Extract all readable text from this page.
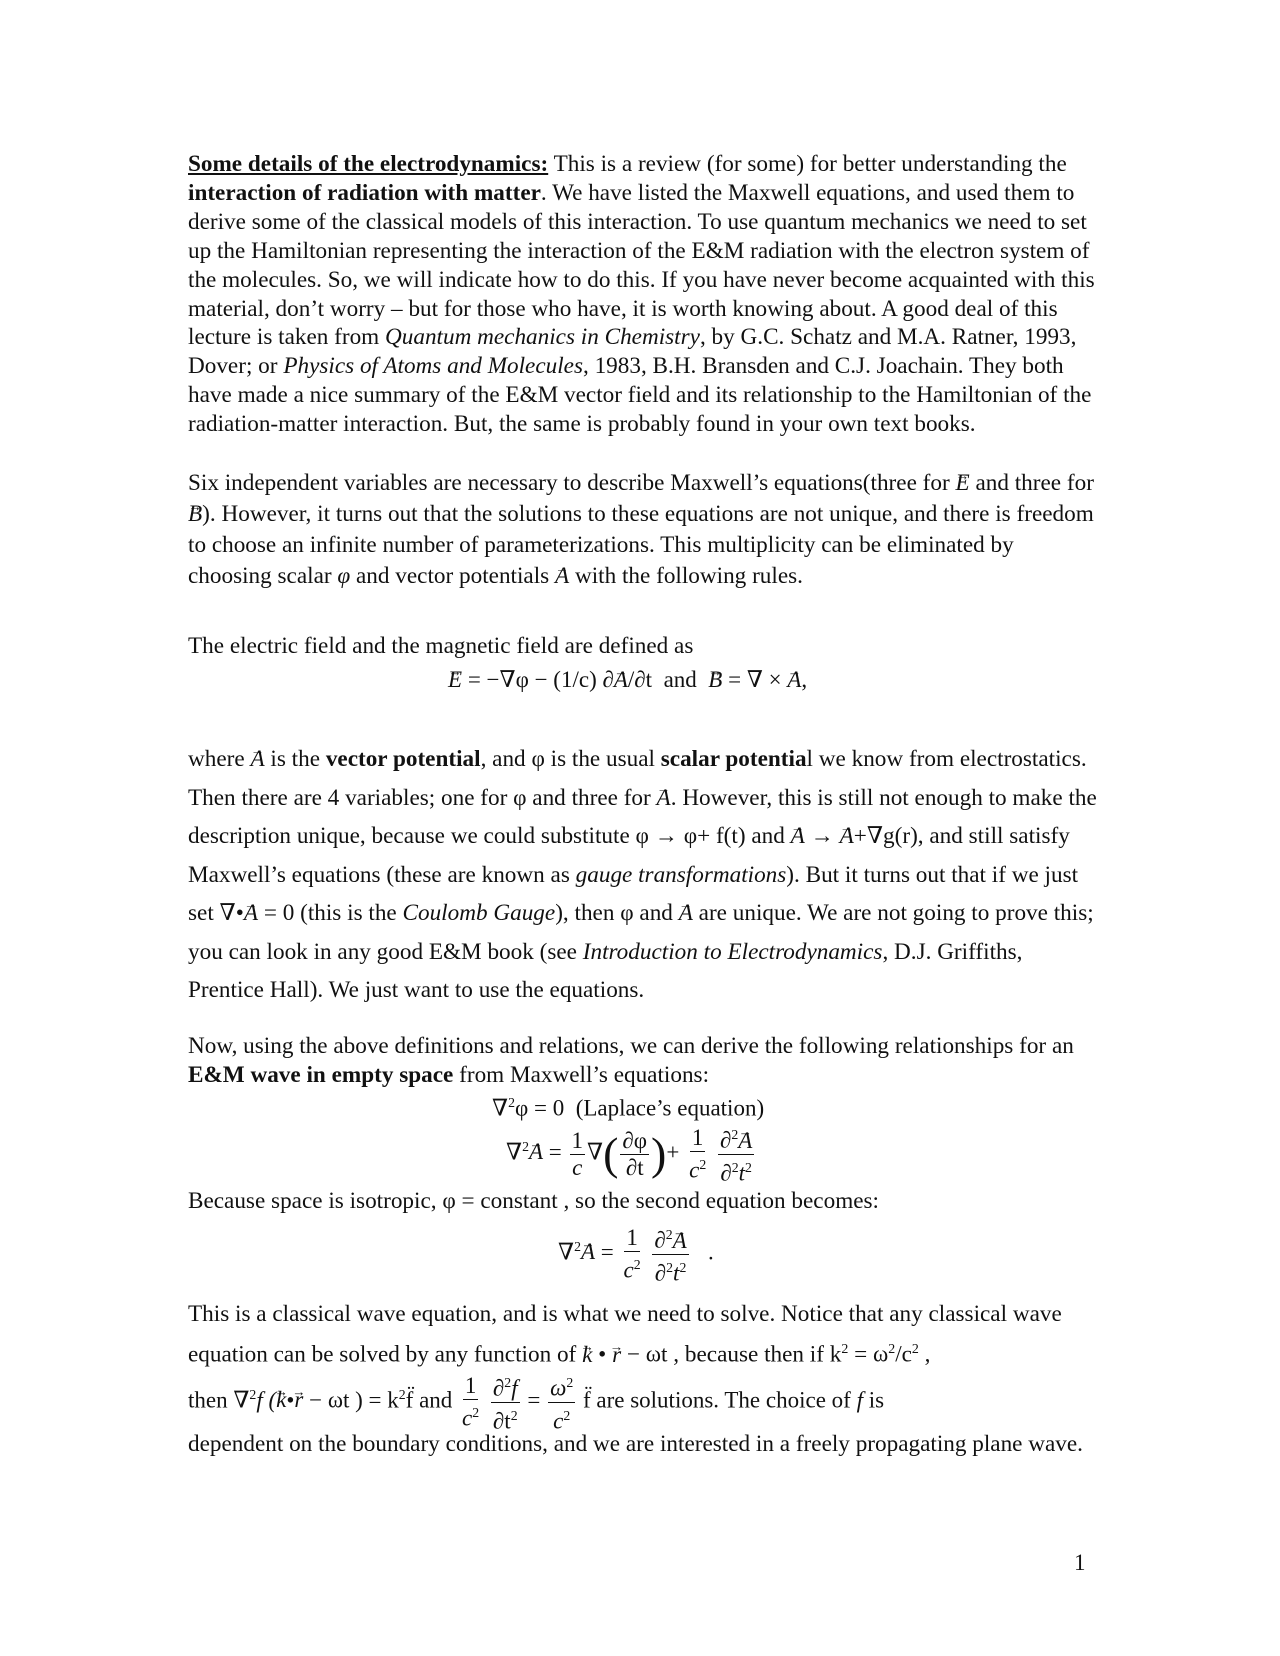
Some details of the electrodynamics: This is a review (for some) for better understanding the interaction of radiation with matter. We have listed the Maxwell equations, and used them to derive some of the classical models of this interaction. To use quantum mechanics we need to set up the Hamiltonian representing the interaction of the E&M radiation with the electron system of the molecules. So, we will indicate how to do this. If you have never become acquainted with this material, don’t worry – but for those who have, it is worth knowing about. A good deal of this lecture is taken from Quantum mechanics in Chemistry, by G.C. Schatz and M.A. Ratner, 1993, Dover; or Physics of Atoms and Molecules, 1983, B.H. Bransden and C.J. Joachain. They both have made a nice summary of the E&M vector field and its relationship to the Hamiltonian of the radiation-matter interaction. But, the same is probably found in your own text books.
Six independent variables are necessary to describe Maxwell’s equations(three for → E and three for → B). However, it turns out that the solutions to these equations are not unique, and there is freedom to choose an infinite number of parameterizations. This multiplicity can be eliminated by choosing scalar φ and vector potentials → A with the following rules.
The electric field and the magnetic field are defined as
→ E = −∇φ − (1/c) ∂→ A/∂t and  → B = ∇ × → A,
where → A is the vector potential, and φ is the usual scalar potential we know from electrostatics. Then there are 4 variables; one for φ and three for → A. However, this is still not enough to make the description unique, because we could substitute φ → φ+ f(t) and → A → → A+∇g(r), and still satisfy Maxwell’s equations (these are known as gauge transformations). But it turns out that if we just set ∇•→ A = 0 (this is the Coulomb Gauge), then φ and → A are unique. We are not going to prove this; you can look in any good E&M book (see Introduction to Electrodynamics, D.J. Griffiths, Prentice Hall). We just want to use the equations.
Now, using the above definitions and relations, we can derive the following relationships for an E&M wave in empty space from Maxwell’s equations:
∇$^2$φ = 0 (Laplace’s equation)
$\nabla^2\to A = \frac{1}{c}$ ∇( $\frac{\partial\varphi}{\partial t}$ )+ $\frac{1}{c^2}$
$\frac{\partial^2\to A}{\partial^2t^2}$
Because space is isotropic, φ = constant , so the second equation becomes:
$\nabla^2\to A = \frac{1}{c^2}$
$\frac{\partial^2\to A}{\partial^2t^2}$ .
This is a classical wave equation, and is what we need to solve. Notice that any classical wave equation can be solved by any function of → k • → r − ωt , because then if $k^2 = \omega^2/c^2$ ,
then ∇$^2$f (→ k•→ r − ωt ) = $k^2f̈$ and $\frac{1}{c^2}$
$\frac{\partial^2f}{\partial t^2} = \frac{\omega^2}{c^2}$ f̈ are solutions. The choice of f is
dependent on the boundary conditions, and we are interested in a freely propagating plane wave.
1
